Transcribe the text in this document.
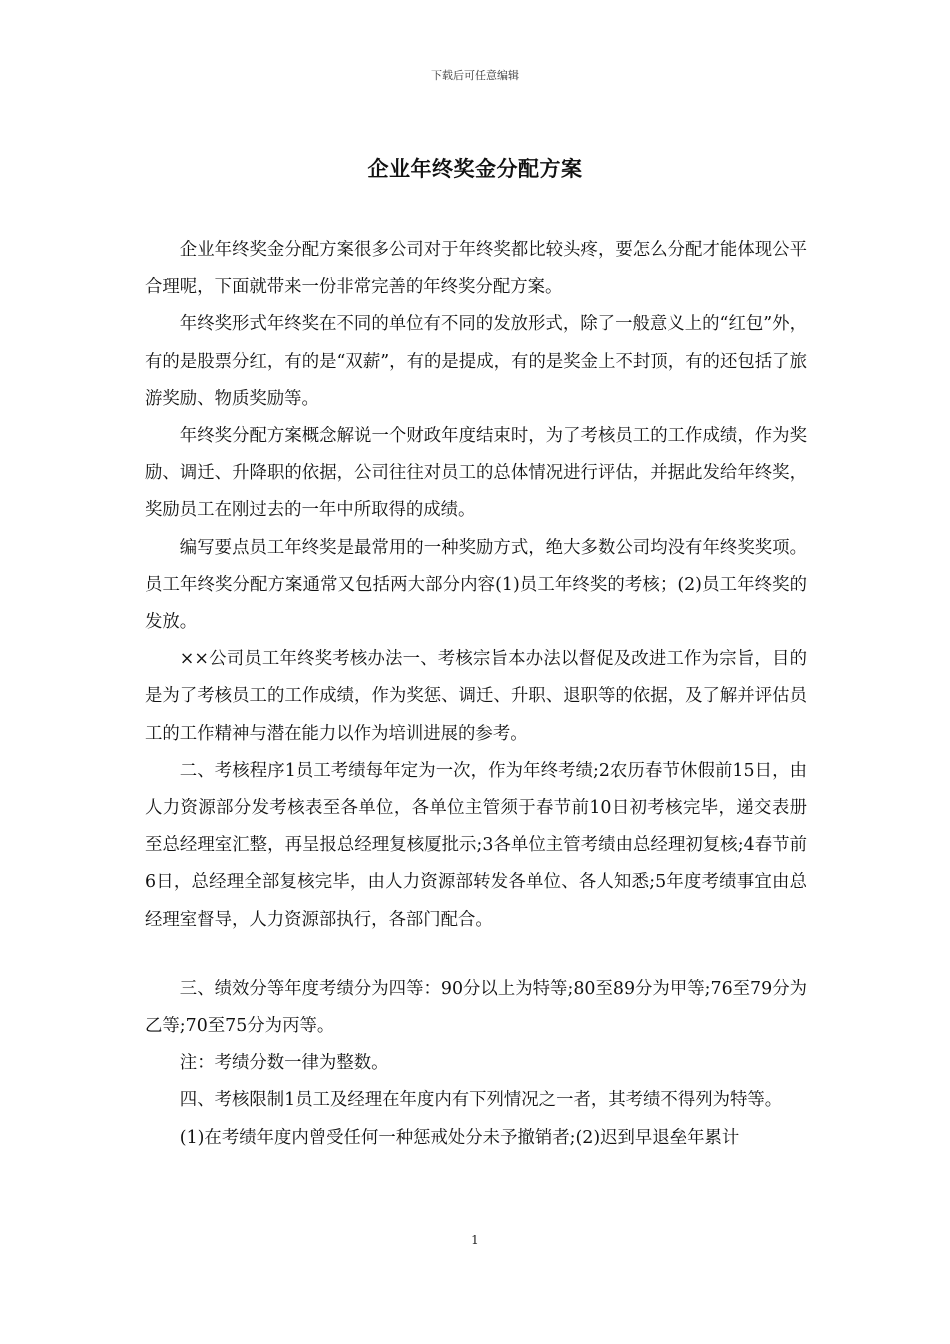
下载后可任意编辑
企业年终奖金分配方案

企业年终奖金分配方案很多公司对于年终奖都比较头疼，要怎么分配才能体现公平合理呢，下面就带来一份非常完善的年终奖分配方案。

年终奖形式年终奖在不同的单位有不同的发放形式，除了一般意义上的“红包”外，有的是股票分红，有的是“双薪”，有的是提成，有的是奖金上不封顶，有的还包括了旅游奖励、物质奖励等。

年终奖分配方案概念解说一个财政年度结束时，为了考核员工的工作成绩，作为奖励、调迁、升降职的依据，公司往往对员工的总体情况进行评估，并据此发给年终奖，奖励员工在刚过去的一年中所取得的成绩。

编写要点员工年终奖是最常用的一种奖励方式，绝大多数公司均没有年终奖奖项。员工年终奖分配方案通常又包括两大部分内容(1)员工年终奖的考核；(2)员工年终奖的发放。

××公司员工年终奖考核办法一、考核宗旨本办法以督促及改进工作为宗旨，目的是为了考核员工的工作成绩，作为奖惩、调迁、升职、退职等的依据，及了解并评估员工的工作精神与潜在能力以作为培训进展的参考。

二、考核程序1员工考绩每年定为一次，作为年终考绩;2农历春节休假前15日，由人力资源部分发考核表至各单位，各单位主管须于春节前10日初考核完毕，递交表册至总经理室汇整，再呈报总经理复核厦批示;3各单位主管考绩由总经理初复核;4春节前6日，总经理全部复核完毕，由人力资源部转发各单位、各人知悉;5年度考绩事宜由总经理室督导，人力资源部执行，各部门配合。

三、绩效分等年度考绩分为四等：90分以上为特等;80至89分为甲等;76至79分为乙等;70至75分为丙等。

注：考绩分数一律为整数。

四、考核限制1员工及经理在年度内有下列情况之一者，其考绩不得列为特等。

(1)在考绩年度内曾受任何一种惩戒处分未予撤销者;(2)迟到早退垒年累计

1
